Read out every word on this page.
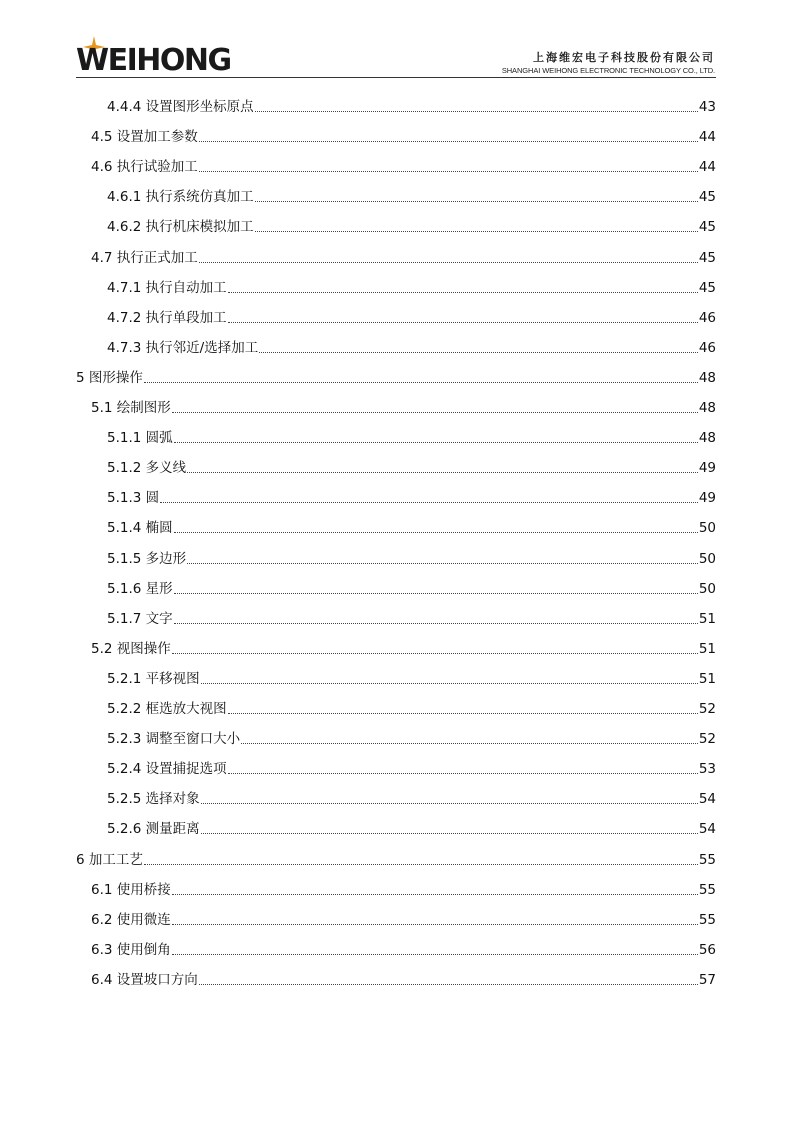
WEIHONG	上海维宏电子科技股份有限公司
SHANGHAI WEIHONG ELECTRONIC TECHNOLOGY CO., LTD.
4.4.4 设置图形坐标原点	43
4.5 设置加工参数	44
4.6 执行试验加工	44
4.6.1 执行系统仿真加工	45
4.6.2 执行机床模拟加工	45
4.7 执行正式加工	45
4.7.1 执行自动加工	45
4.7.2 执行单段加工	46
4.7.3 执行邻近/选择加工	46
5 图形操作	48
5.1 绘制图形	48
5.1.1 圆弧	48
5.1.2 多义线	49
5.1.3 圆	49
5.1.4 椭圆	50
5.1.5 多边形	50
5.1.6 星形	50
5.1.7 文字	51
5.2 视图操作	51
5.2.1 平移视图	51
5.2.2 框选放大视图	52
5.2.3 调整至窗口大小	52
5.2.4 设置捕捉选项	53
5.2.5 选择对象	54
5.2.6 测量距离	54
6 加工工艺	55
6.1 使用桥接	55
6.2 使用微连	55
6.3 使用倒角	56
6.4 设置坡口方向	57
